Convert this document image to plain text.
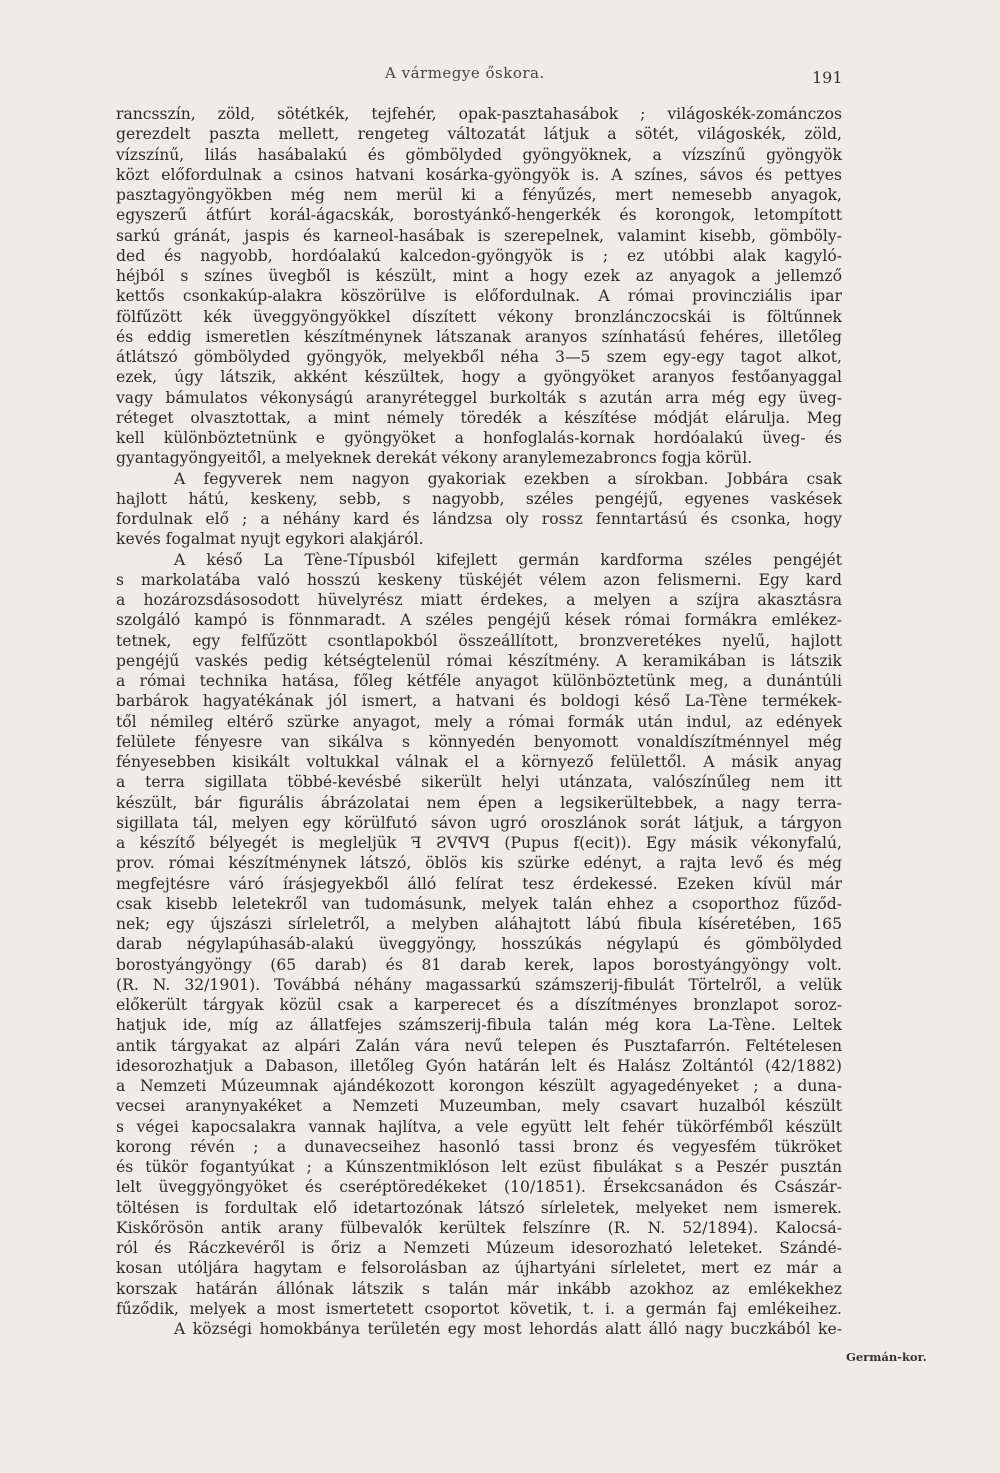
A vármegye őskora.	191
rancsszín, zöld, sötétkék, tejfehér, opak-pasztahasábok ; világoskék-zománczos
gerezdelt paszta mellett, rengeteg változatát látjuk a sötét, világoskék, zöld,
vízszínű, lilás hasábalakú és gömbölyded gyöngyöknek, a vízszínű gyöngyök
közt előfordulnak a csinos hatvani kosárka-gyöngyök is. A színes, sávos és pettyes
pasztagyöngyökben még nem merül ki a fényűzés, mert nemesebb anyagok,
egyszerű átfúrt korál-ágacskák, borostyánkő-hengerkék és korongok, letompított
sarkú gránát, jaspis és karneol-hasábak is szerepelnek, valamint kisebb, gömböly-
ded és nagyobb, hordóalakú kalcedon-gyöngyök is ; ez utóbbi alak kagyló-
héjból s színes üvegből is készült, mint a hogy ezek az anyagok a jellemző
kettős csonkakúp-alakra köszörülve is előfordulnak. A római provincziális ipar
fölfűzött kék üveggyöngyökkel díszített vékony bronzlánczocskái is föltűnnek
és eddig ismeretlen készítménynek látszanak aranyos színhatású fehéres, illetőleg
átlátszó gömbölyded gyöngyök, melyekből néha 3—5 szem egy-egy tagot alkot,
ezek, úgy látszik, akként készültek, hogy a gyöngyöket aranyos festőanyaggal
vagy bámulatos vékonyságú aranyréteggel burkolták s azután arra még egy üveg-
réteget olvasztottak, a mint némely töredék a készítése módját elárulja. Meg
kell különböztetnünk e gyöngyöket a honfoglalás-kornak hordóalakú üveg- és
gyantagyöngyeitől, a melyeknek derekát vékony aranylemezabroncs fogja körül.
A fegyverek nem nagyon gyakoriak ezekben a sírokban. Jobbára csak
hajlott hátú, keskeny, sebb, s nagyobb, széles pengéjű, egyenes vaskések
fordulnak elő ; a néhány kard és lándzsa oly rossz fenntartású és csonka, hogy
kevés fogalmat nyujt egykori alakjáról.
A késő La Tène-Típusból kifejlett germán kardforma széles pengéjét
s markolatába való hosszú keskeny tüskéjét vélem azon felismerni. Egy kard
a hozározsdásosodott hüvelyrész miatt érdekes, a melyen a szíjra akasztásra
szolgáló kampó is fönnmaradt. A széles pengéjű kések római formákra emlékez-
tetnek, egy felfűzött csontlapokból összeállított, bronzveretékes nyelű, hajlott
pengéjű vaskés pedig kétségtelenül római készítmény. A keramikában is látszik
a római technika hatása, főleg kétféle anyagot különböztetünk meg, a dunántúli
barbárok hagyatékának jól ismert, a hatvani és boldogi késő La-Tène termékek-
től némileg eltérő szürke anyagot, mely a római formák után indul, az edények
felülete fényesre van sikálva s könnyedén benyomott vonaldíszítménnyel még
fényesebben kisikált voltukkal válnak el a környező felülettől. A másik anyag
a terra sigillata többé-kevésbé sikerült helyi utánzata, valószínűleg nem itt
készült, bár figurális ábrázolatai nem épen a legsikerültebbek, a nagy terra-
sigillata tál, melyen egy körülfutó sávon ugró oroszlánok sorát látjuk, a tárgyon
a készítő bélyegét is megleljük ꟻ ƧVꟼVꟼ (Pupus f(ecit)). Egy másik vékonyfalú,
prov. római készítménynek látszó, öblös kis szürke edényt, a rajta levő és még
megfejtésre váró írásjegyekből álló felírat tesz érdekessé. Ezeken kívül már
csak kisebb leletekről van tudomásunk, melyek talán ehhez a csoporthoz fűződ-
nek; egy újszászi sírleletről, a melyben aláhajtott lábú fibula kíséretében, 165
darab négylapúhasáb-alakú üveggyöngy, hosszúkás négylapú és gömbölyded
borostyángyöngy (65 darab) és 81 darab kerek, lapos borostyángyöngy volt.
(R. N. 32/1901). Továbbá néhány magassarkú számszerij-fibulát Törtelről, a velük
előkerült tárgyak közül csak a karperecet és a díszítményes bronzlapot soroz-
hatjuk ide, míg az állatfejes számszerij-fibula talán még kora La-Tène. Leltek
antik tárgyakat az alpári Zalán vára nevű telepen és Pusztafarrón. Feltételesen
idesorozhatjuk a Dabason, illetőleg Gyón határán lelt és Halász Zoltántól (42/1882)
a Nemzeti Múzeumnak ajándékozott korongon készült agyagedényeket ; a duna-
vecsei aranynyakéket a Nemzeti Muzeumban, mely csavart huzalból készült
s végei kapocsalakra vannak hajlítva, a vele együtt lelt fehér tükörfémből készült
korong révén ; a dunavecseihez hasonló tassi bronz és vegyesfém tükröket
és tükör fogantyúkat ; a Kúnszentmiklóson lelt ezüst fibulákat s a Peszér pusztán
lelt üveggyöngyöket és cseréptöredékeket (10/1851). Érsekcsanádon és Császár-
töltésen is fordultak elő idetartozónak látszó sírleletek, melyeket nem ismerek.
Kiskőrösön antik arany fülbevalók kerültek felszínre (R. N. 52/1894). Kalocsá-
ról és Ráczkevéről is őriz a Nemzeti Múzeum idesorozható leleteket. Szándé-
kosan utóljára hagytam e felsorolásban az újhartyáni sírleletet, mert ez már a
korszak határán állónak látszik s talán már inkább azokhoz az emlékekhez
fűződik, melyek a most ismertetett csoportot követik, t. i. a germán faj emlékeihez.
A községi homokbánya területén egy most lehordás alatt álló nagy buczkából ke-
Germán-kor.
